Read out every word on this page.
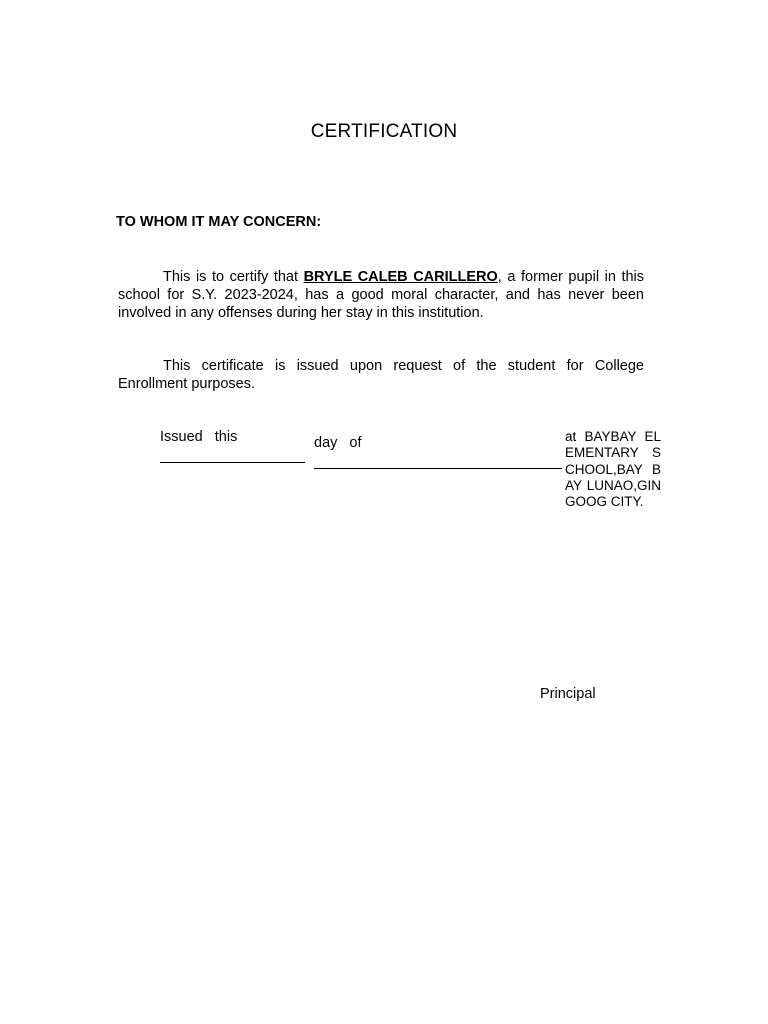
CERTIFICATION
TO WHOM IT MAY CONCERN:
This is to certify that BRYLE CALEB CARILLERO, a former pupil in this school for S.Y. 2023-2024, has a good moral character, and has never been involved in any offenses during her stay in this institution.
This certificate is issued upon request of the student for College Enrollment purposes.
Issued this	day of	at BAYBAY ELEMENTARY SCHOOL,BAY BAY LUNAO,GINGOOG CITY.
Principal
